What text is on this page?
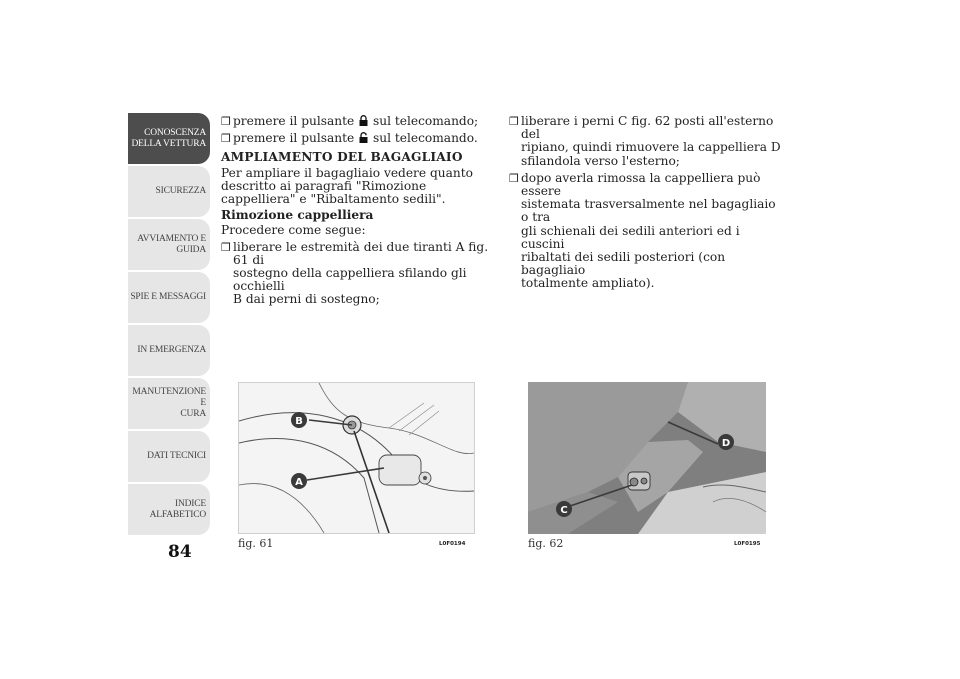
CONOSCENZA
DELLA VETTURA
SICUREZZA
AVVIAMENTO E
GUIDA
SPIE E MESSAGGI
IN EMERGENZA
MANUTENZIONE E
CURA
DATI TECNICI
INDICE
ALFABETICO
84
❒ premere il pulsante sul telecomando;
❒ premere il pulsante sul telecomando.
AMPLIAMENTO DEL BAGAGLIAIO
Per ampliare il bagagliaio vedere quanto descritto ai paragrafi "Rimozione cappelliera" e "Ribaltamento sedili".
Rimozione cappelliera
Procedere come segue:
❒ liberare le estremità dei due tiranti A fig. 61 di
sostegno della cappelliera sfilando gli occhielli
B dai perni di sostegno;
❒ liberare i perni C fig. 62 posti all'esterno del
ripiano, quindi rimuovere la cappelliera D
sfilandola verso l'esterno;
❒ dopo averla rimossa la cappelliera può essere
sistemata trasversalmente nel bagagliaio o tra
gli schienali dei sedili anteriori ed i cuscini
ribaltati dei sedili posteriori (con bagagliaio
totalmente ampliato).
B
A
fig. 61	L0F0194
D
C
fig. 62	L0F0195
